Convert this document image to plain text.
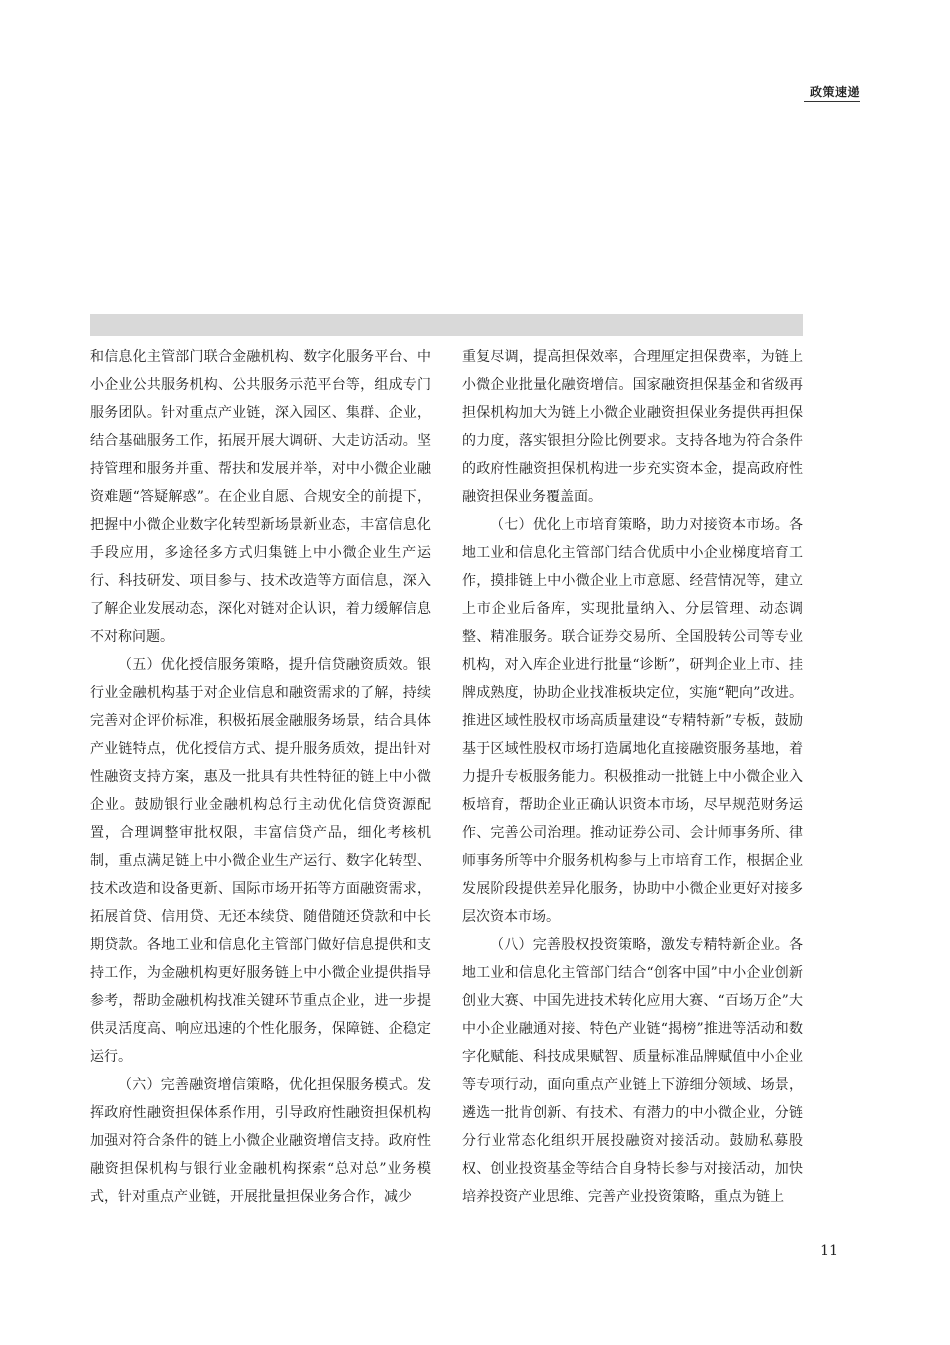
政策速递

和信息化主管部门联合金融机构、数字化服务平台、中小企业公共服务机构、公共服务示范平台等，组成专门服务团队。针对重点产业链，深入园区、集群、企业，结合基础服务工作，拓展开展大调研、大走访活动。坚持管理和服务并重、帮扶和发展并举，对中小微企业融资难题“答疑解惑”。在企业自愿、合规安全的前提下，把握中小微企业数字化转型新场景新业态，丰富信息化手段应用，多途径多方式归集链上中小微企业生产运行、科技研发、项目参与、技术改造等方面信息，深入了解企业发展动态，深化对链对企认识，着力缓解信息不对称问题。

（五）优化授信服务策略，提升信贷融资质效。银行业金融机构基于对企业信息和融资需求的了解，持续完善对企评价标准，积极拓展金融服务场景，结合具体产业链特点，优化授信方式、提升服务质效，提出针对性融资支持方案，惠及一批具有共性特征的链上中小微企业。鼓励银行业金融机构总行主动优化信贷资源配置，合理调整审批权限，丰富信贷产品，细化考核机制，重点满足链上中小微企业生产运行、数字化转型、技术改造和设备更新、国际市场开拓等方面融资需求，拓展首贷、信用贷、无还本续贷、随借随还贷款和中长期贷款。各地工业和信息化主管部门做好信息提供和支持工作，为金融机构更好服务链上中小微企业提供指导参考，帮助金融机构找准关键环节重点企业，进一步提供灵活度高、响应迅速的个性化服务，保障链、企稳定运行。

（六）完善融资增信策略，优化担保服务模式。发挥政府性融资担保体系作用，引导政府性融资担保机构加强对符合条件的链上小微企业融资增信支持。政府性融资担保机构与银行业金融机构探索“总对总”业务模式，针对重点产业链，开展批量担保业务合作，减少

重复尽调，提高担保效率，合理厘定担保费率，为链上小微企业批量化融资增信。国家融资担保基金和省级再担保机构加大为链上小微企业融资担保业务提供再担保的力度，落实银担分险比例要求。支持各地为符合条件的政府性融资担保机构进一步充实资本金，提高政府性融资担保业务覆盖面。

（七）优化上市培育策略，助力对接资本市场。各地工业和信息化主管部门结合优质中小企业梯度培育工作，摸排链上中小微企业上市意愿、经营情况等，建立上市企业后备库，实现批量纳入、分层管理、动态调整、精准服务。联合证券交易所、全国股转公司等专业机构，对入库企业进行批量“诊断”，研判企业上市、挂牌成熟度，协助企业找准板块定位，实施“靶向”改进。推进区域性股权市场高质量建设“专精特新”专板，鼓励基于区域性股权市场打造属地化直接融资服务基地，着力提升专板服务能力。积极推动一批链上中小微企业入板培育，帮助企业正确认识资本市场，尽早规范财务运作、完善公司治理。推动证券公司、会计师事务所、律师事务所等中介服务机构参与上市培育工作，根据企业发展阶段提供差异化服务，协助中小微企业更好对接多层次资本市场。

（八）完善股权投资策略，激发专精特新企业。各地工业和信息化主管部门结合“创客中国”中小企业创新创业大赛、中国先进技术转化应用大赛、“百场万企”大中小企业融通对接、特色产业链“揭榜”推进等活动和数字化赋能、科技成果赋智、质量标准品牌赋值中小企业等专项行动，面向重点产业链上下游细分领域、场景，遴选一批肯创新、有技术、有潜力的中小微企业，分链分行业常态化组织开展投融资对接活动。鼓励私募股权、创业投资基金等结合自身特长参与对接活动，加快培养投资产业思维、完善产业投资策略，重点为链上

11
